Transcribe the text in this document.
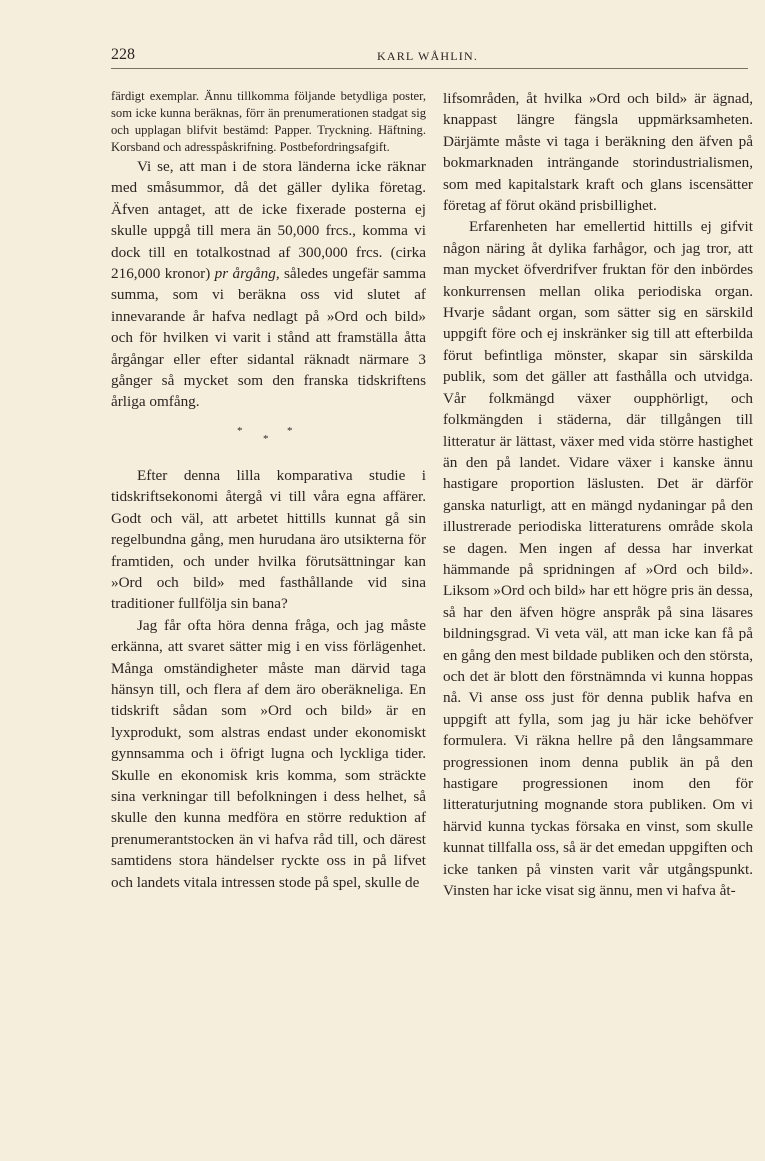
228	KARL WÅHLIN.

färdigt exemplar. Ännu tillkomma följande betydliga poster, som icke kunna beräknas, förr än prenumerationen stadgat sig och upplagan blifvit bestämd: Papper. Tryckning. Häftning. Korsband och adresspåskrifning. Postbefordringsafgift.

Vi se, att man i de stora länderna icke räknar med småsummor, då det gäller dylika företag. Äfven antaget, att de icke fixerade posterna ej skulle uppgå till mera än 50,000 frcs., komma vi dock till en totalkostnad af 300,000 frcs. (cirka 216,000 kronor) pr årgång, således ungefär samma summa, som vi beräkna oss vid slutet af innevarande år hafva nedlagt på »Ord och bild» och för hvilken vi varit i stånd att framställa åtta årgångar eller efter sidantal räknadt närmare 3 gånger så mycket som den franska tidskriftens årliga omfång.

*
*
*

Efter denna lilla komparativa studie i tidskriftsekonomi återgå vi till våra egna affärer. Godt och väl, att arbetet hittills kunnat gå sin regelbundna gång, men hurudana äro utsikterna för framtiden, och under hvilka förutsättningar kan »Ord och bild» med fasthållande vid sina traditioner fullfölja sin bana?

Jag får ofta höra denna fråga, och jag måste erkänna, att svaret sätter mig i en viss förlägenhet. Många omständigheter måste man därvid taga hänsyn till, och flera af dem äro oberäkneliga. En tidskrift sådan som »Ord och bild» är en lyxprodukt, som alstras endast under ekonomiskt gynnsamma och i öfrigt lugna och lyckliga tider. Skulle en ekonomisk kris komma, som sträckte sina verkningar till befolkningen i dess helhet, så skulle den kunna medföra en större reduktion af prenumerantstocken än vi hafva råd till, och därest samtidens stora händelser ryckte oss in på lifvet och landets vitala intressen stode på spel, skulle de

lifsområden, åt hvilka »Ord och bild» är ägnad, knappast längre fängsla uppmärksamheten. Därjämte måste vi taga i beräkning den äfven på bokmarknaden inträngande storindustrialismen, som med kapitalstark kraft och glans iscensätter företag af förut okänd prisbillighet.

Erfarenheten har emellertid hittills ej gifvit någon näring åt dylika farhågor, och jag tror, att man mycket öfverdrifver fruktan för den inbördes konkurrensen mellan olika periodiska organ. Hvarje sådant organ, som sätter sig en särskild uppgift före och ej inskränker sig till att efterbilda förut befintliga mönster, skapar sin särskilda publik, som det gäller att fasthålla och utvidga. Vår folkmängd växer oupphörligt, och folkmängden i städerna, där tillgången till litteratur är lättast, växer med vida större hastighet än den på landet. Vidare växer i kanske ännu hastigare proportion läslusten. Det är därför ganska naturligt, att en mängd nydaningar på den illustrerade periodiska litteraturens område skola se dagen. Men ingen af dessa har inverkat hämmande på spridningen af »Ord och bild». Liksom »Ord och bild» har ett högre pris än dessa, så har den äfven högre anspråk på sina läsares bildningsgrad. Vi veta väl, att man icke kan få på en gång den mest bildade publiken och den största, och det är blott den förstnämnda vi kunna hoppas nå. Vi anse oss just för denna publik hafva en uppgift att fylla, som jag ju här icke behöfver formulera. Vi räkna hellre på den långsammare progressionen inom denna publik än på den hastigare progressionen inom den för litteraturjutning mognande stora publiken. Om vi härvid kunna tyckas försaka en vinst, som skulle kunnat tillfalla oss, så är det emedan uppgiften och icke tanken på vinsten varit vår utgångspunkt. Vinsten har icke visat sig ännu, men vi hafva åt-
